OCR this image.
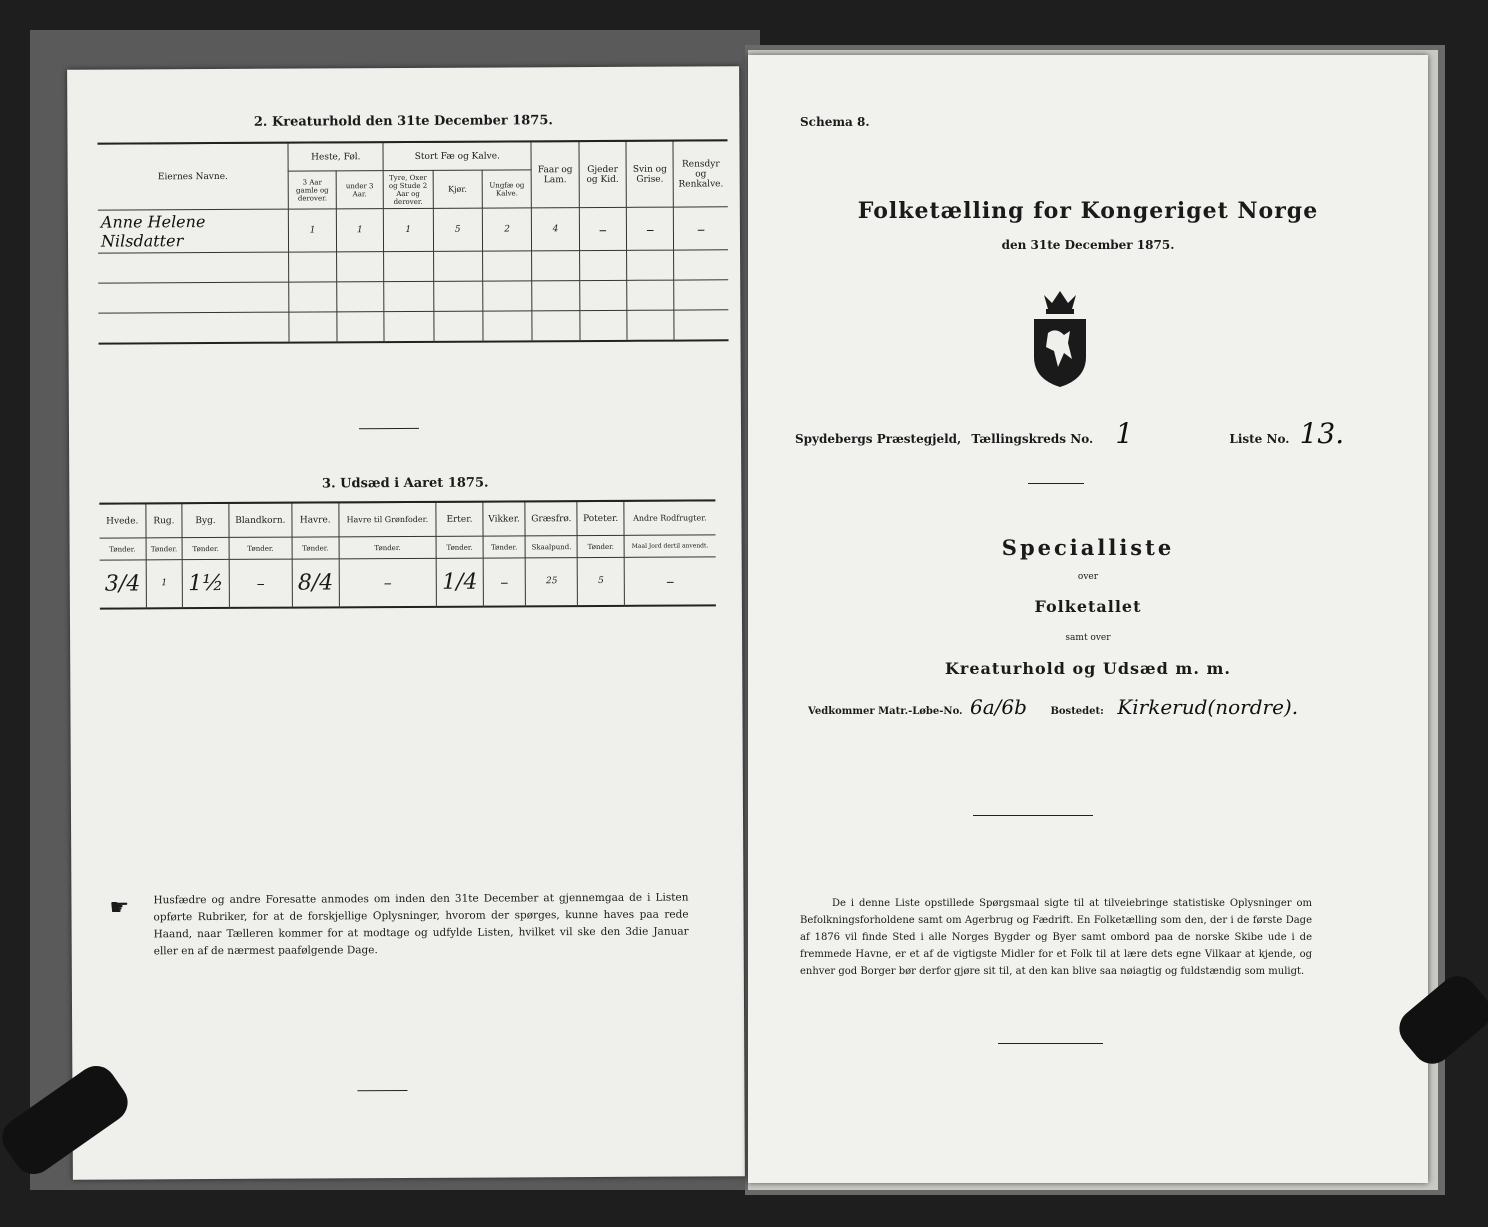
2. Kreaturhold den 31te December 1875.
Eiernes Navne.	Heste, Føl.		Stort Fæ og Kalve.			Faar og Lam.	Gjeder og Kid.	Svin og Grise.	Rensdyr og Renkalve.
	3 Aar gamle og derover.	under 3 Aar.	Tyre, Oxer og Stude 2 Aar og derover.	Kjør.	Ungfæ og Kalve.				
Anne Helene Nilsdatter	1	1	1	5	2	4	–	–	–

3. Udsæd i Aaret 1875.
Hvede.	Rug.	Byg.	Blandkorn.	Havre.	Havre til Grønfoder.	Erter.	Vikker.	Græsfrø.	Poteter.	Andre Rodfrugter.
Tønder.	Tønder.	Tønder.	Tønder.	Tønder.	Tønder.	Tønder.	Tønder.	Skaalpund.	Tønder.	Maal Jord dertil anvendt.
3/4	1	1½	–	8/4	–	1/4	–	25	5	–
☛ Husfædre og andre Foresatte anmodes om inden den 31te December at gjennemgaa de i Listen opførte Rubriker, for at de forskjellige Oplysninger, hvorom der spørges, kunne haves paa rede Haand, naar Tælleren kommer for at modtage og udfylde Listen, hvilket vil ske den 3die Januar eller en af de nærmest paafølgende Dage.
Schema 8.
Folketælling for Kongeriget Norge
den 31te December 1875.
Spydebergs Præstegjeld, Tællingskreds No. 1	Liste No. 13.
Specialliste
over
Folketallet
samt over
Kreaturhold og Udsæd m. m.
Vedkommer Matr.-Løbe-No. 6a/6b Bostedet: Kirkerud(nordre).
De i denne Liste opstillede Spørgsmaal sigte til at tilveiebringe statistiske Oplysninger om Befolkningsforholdene samt om Agerbrug og Fædrift. En Folketælling som den, der i de første Dage af 1876 vil finde Sted i alle Norges Bygder og Byer samt ombord paa de norske Skibe ude i de fremmede Havne, er et af de vigtigste Midler for et Folk til at lære dets egne Vilkaar at kjende, og enhver god Borger bør derfor gjøre sit til, at den kan blive saa nøiagtig og fuldstændig som muligt.
